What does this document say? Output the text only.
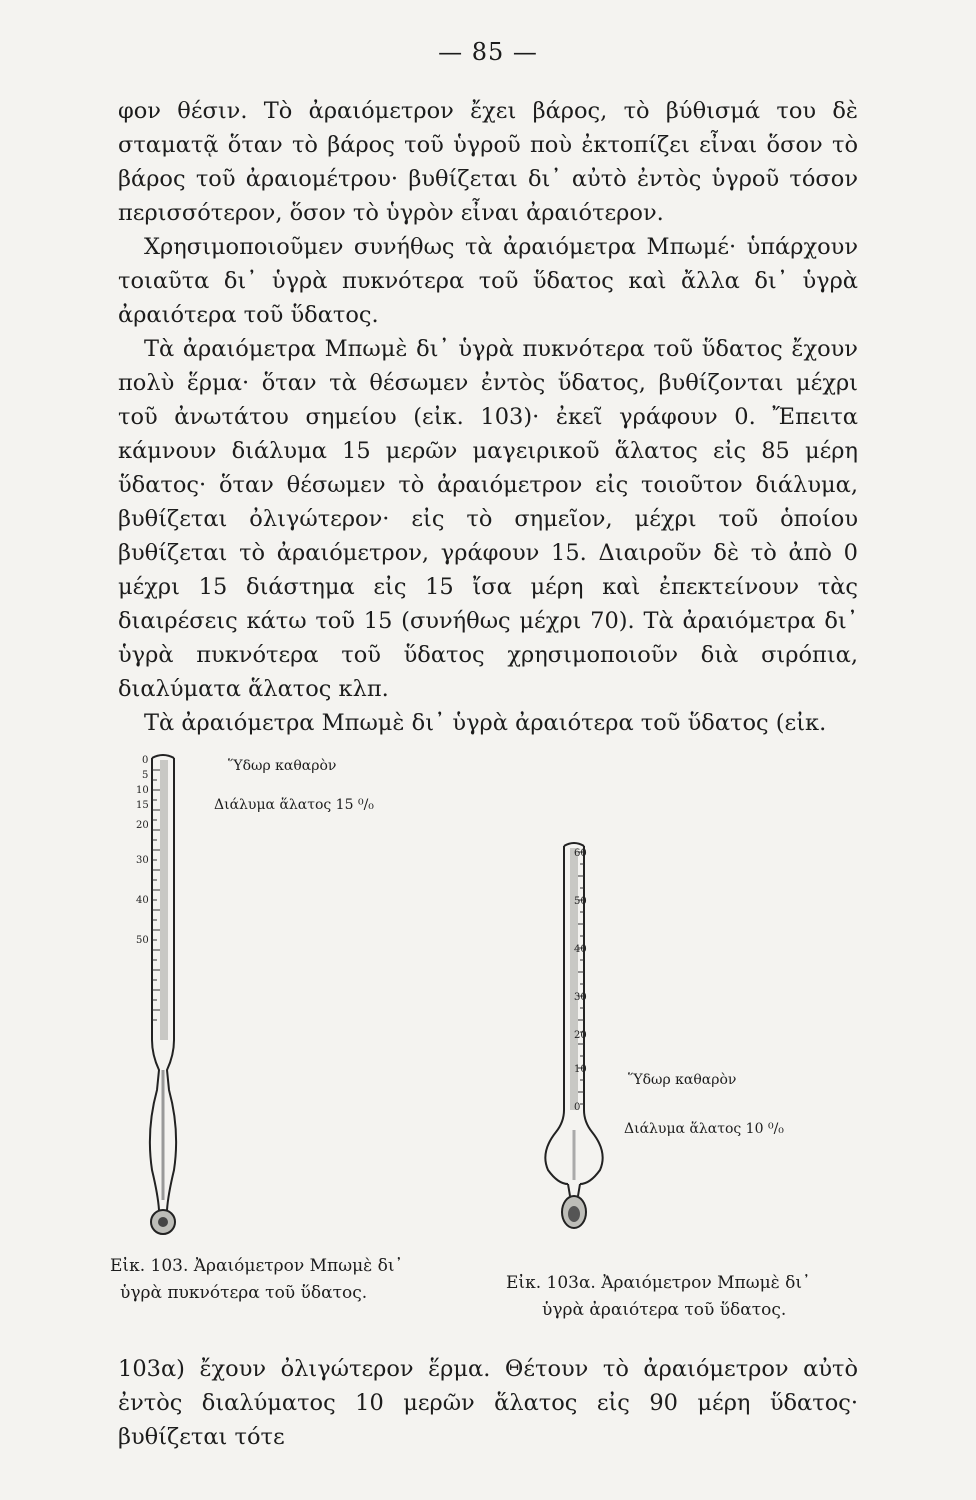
— 85 —

φον θέσιν. Τὸ ἀραιόμετρον ἔχει βάρος, τὸ βύθισμά του δὲ σταματᾷ ὅταν τὸ βάρος τοῦ ὑγροῦ ποὺ ἐκτοπίζει εἶναι ὅσον τὸ βάρος τοῦ ἀραιομέτρου· βυθίζεται δι᾽ αὐτὸ ἐντὸς ὑγροῦ τόσον περισσότερον, ὅσον τὸ ὑγρὸν εἶναι ἀραιότερον.

Χρησιμοποιοῦμεν συνήθως τὰ ἀραιόμετρα Μπωμέ· ὑπάρχουν τοιαῦτα δι᾽ ὑγρὰ πυκνότερα τοῦ ὕδατος καὶ ἄλλα δι᾽ ὑγρὰ ἀραιότερα τοῦ ὕδατος.

Τὰ ἀραιόμετρα Μπωμὲ δι᾽ ὑγρὰ πυκνότερα τοῦ ὕδατος ἔχουν πολὺ ἕρμα· ὅταν τὰ θέσωμεν ἐντὸς ὕδατος, βυθίζονται μέχρι τοῦ ἀνωτάτου σημείου (εἰκ. 103)· ἐκεῖ γράφουν 0. Ἔπειτα κάμνουν διάλυμα 15 μερῶν μαγειρικοῦ ἅλατος εἰς 85 μέρη ὕδατος· ὅταν θέσωμεν τὸ ἀραιόμετρον εἰς τοιοῦτον διάλυμα, βυθίζεται ὀλιγώτερον· εἰς τὸ σημεῖον, μέχρι τοῦ ὁποίου βυθίζεται τὸ ἀραιόμετρον, γράφουν 15. Διαιροῦν δὲ τὸ ἀπὸ 0 μέχρι 15 διάστημα εἰς 15 ἴσα μέρη καὶ ἐπεκτείνουν τὰς διαιρέσεις κάτω τοῦ 15 (συνήθως μέχρι 70). Τὰ ἀραιόμετρα δι᾽ ὑγρὰ πυκνότερα τοῦ ὕδατος χρησιμοποιοῦν διὰ σιρόπια, διαλύματα ἅλατος κλπ.

Τὰ ἀραιόμετρα Μπωμὲ δι᾽ ὑγρὰ ἀραιότερα τοῦ ὕδατος (εἰκ.

0
5
10
15
20
30
40
50
Ὕδωρ καθαρὸν
Διάλυμα ἅλατος 15 ⁰/₀
60
50
40
30
20
10
0
Ὕδωρ καθαρὸν
Διάλυμα ἅλατος 10 ⁰/₀
Εἰκ. 103. Ἀραιόμετρον Μπωμὲ δι᾽
ὑγρὰ πυκνότερα τοῦ ὕδατος.	Εἰκ. 103α. Ἀραιόμετρον Μπωμὲ δι᾽
ὑγρὰ ἀραιότερα τοῦ ὕδατος.

103α) ἔχουν ὀλιγώτερον ἕρμα. Θέτουν τὸ ἀραιόμετρον αὐτὸ ἐντὸς διαλύματος 10 μερῶν ἅλατος εἰς 90 μέρη ὕδατος· βυθίζεται τότε
